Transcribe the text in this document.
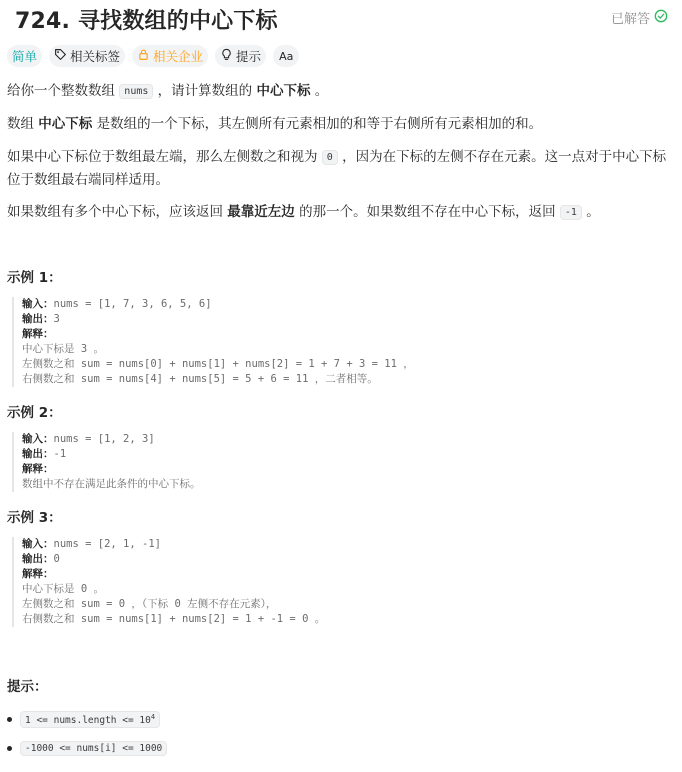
724. 寻找数组的中心下标	已解答
简单	相关标签	相关企业	提示 Aa

给你一个整数数组 nums ，请计算数组的 中心下标 。

数组 中心下标 是数组的一个下标，其左侧所有元素相加的和等于右侧所有元素相加的和。

如果中心下标位于数组最左端，那么左侧数之和视为 0 ，因为在下标的左侧不存在元素。这一点对于中心下标位于数组最右端同样适用。

如果数组有多个中心下标，应该返回 最靠近左边 的那一个。如果数组不存在中心下标，返回 -1 。

示例 1：
输入：nums = [1, 7, 3, 6, 5, 6]
输出：3
解释：
中心下标是 3 。
左侧数之和 sum = nums[0] + nums[1] + nums[2] = 1 + 7 + 3 = 11 ，
右侧数之和 sum = nums[4] + nums[5] = 5 + 6 = 11 ，二者相等。
示例 2：
输入：nums = [1, 2, 3]
输出：-1
解释：
数组中不存在满足此条件的中心下标。
示例 3：
输入：nums = [2, 1, -1]
输出：0
解释：
中心下标是 0 。
左侧数之和 sum = 0 ，（下标 0 左侧不存在元素），
右侧数之和 sum = nums[1] + nums[2] = 1 + -1 = 0 。
提示：
1 <= nums.length <= $10^4$
-1000 <= nums[i] <= 1000
